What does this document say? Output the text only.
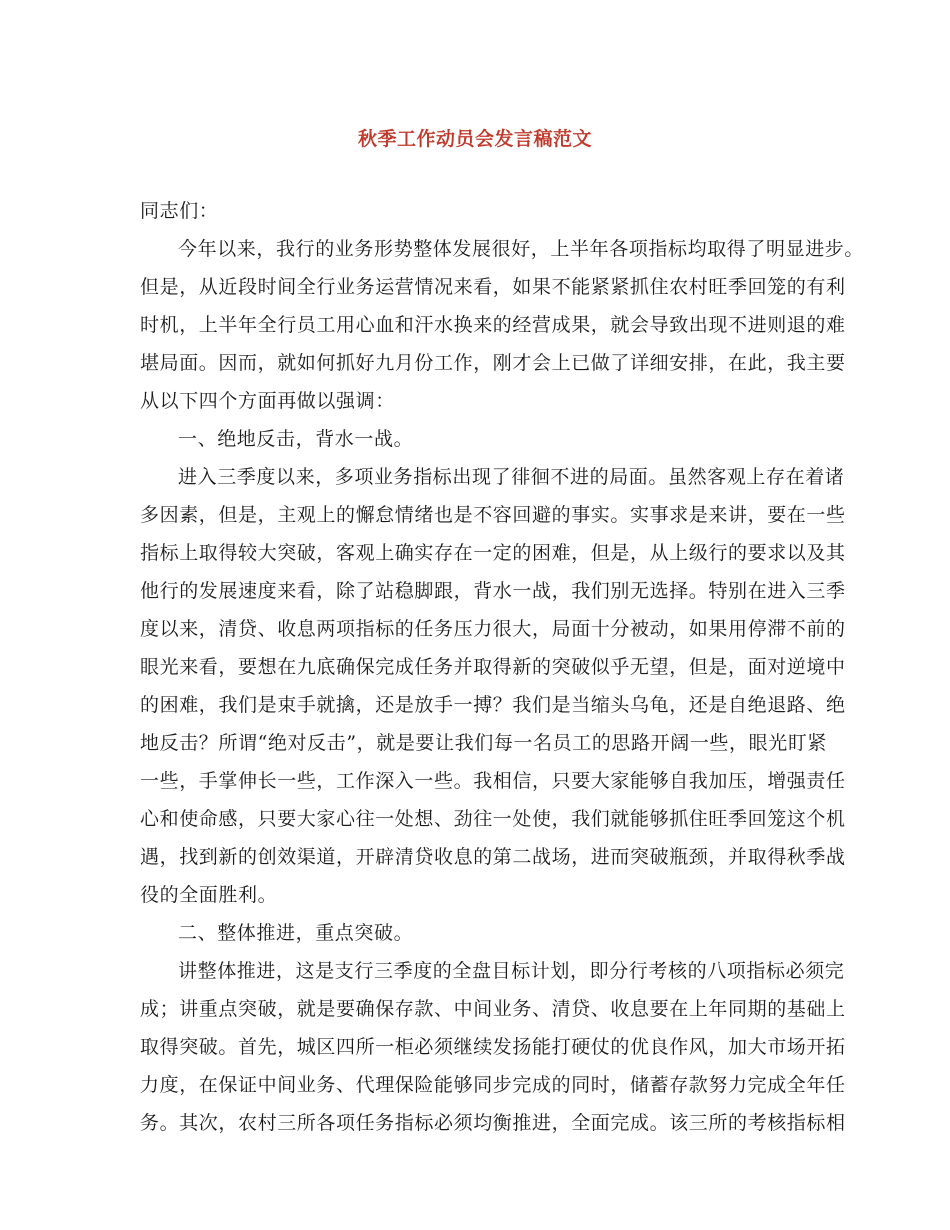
秋季工作动员会发言稿范文
同志们：
今年以来，我行的业务形势整体发展很好，上半年各项指标均取得了明显进步。
但是，从近段时间全行业务运营情况来看，如果不能紧紧抓住农村旺季回笼的有利
时机，上半年全行员工用心血和汗水换来的经营成果，就会导致出现不进则退的难
堪局面。因而，就如何抓好九月份工作，刚才会上已做了详细安排，在此，我主要
从以下四个方面再做以强调：
一、绝地反击，背水一战。
进入三季度以来，多项业务指标出现了徘徊不进的局面。虽然客观上存在着诸
多因素，但是，主观上的懈怠情绪也是不容回避的事实。实事求是来讲，要在一些
指标上取得较大突破，客观上确实存在一定的困难，但是，从上级行的要求以及其
他行的发展速度来看，除了站稳脚跟，背水一战，我们别无选择。特别在进入三季
度以来，清贷、收息两项指标的任务压力很大，局面十分被动，如果用停滞不前的
眼光来看，要想在九底确保完成任务并取得新的突破似乎无望，但是，面对逆境中
的困难，我们是束手就擒，还是放手一搏？我们是当缩头乌龟，还是自绝退路、绝
地反击？所谓“绝对反击”，就是要让我们每一名员工的思路开阔一些，眼光盯紧
一些，手掌伸长一些，工作深入一些。我相信，只要大家能够自我加压，增强责任
心和使命感，只要大家心往一处想、劲往一处使，我们就能够抓住旺季回笼这个机
遇，找到新的创效渠道，开辟清贷收息的第二战场，进而突破瓶颈，并取得秋季战
役的全面胜利。
二、整体推进，重点突破。
讲整体推进，这是支行三季度的全盘目标计划，即分行考核的八项指标必须完
成；讲重点突破，就是要确保存款、中间业务、清贷、收息要在上年同期的基础上
取得突破。首先，城区四所一柜必须继续发扬能打硬仗的优良作风，加大市场开拓
力度，在保证中间业务、代理保险能够同步完成的同时，储蓄存款努力完成全年任
务。其次，农村三所各项任务指标必须均衡推进，全面完成。该三所的考核指标相
